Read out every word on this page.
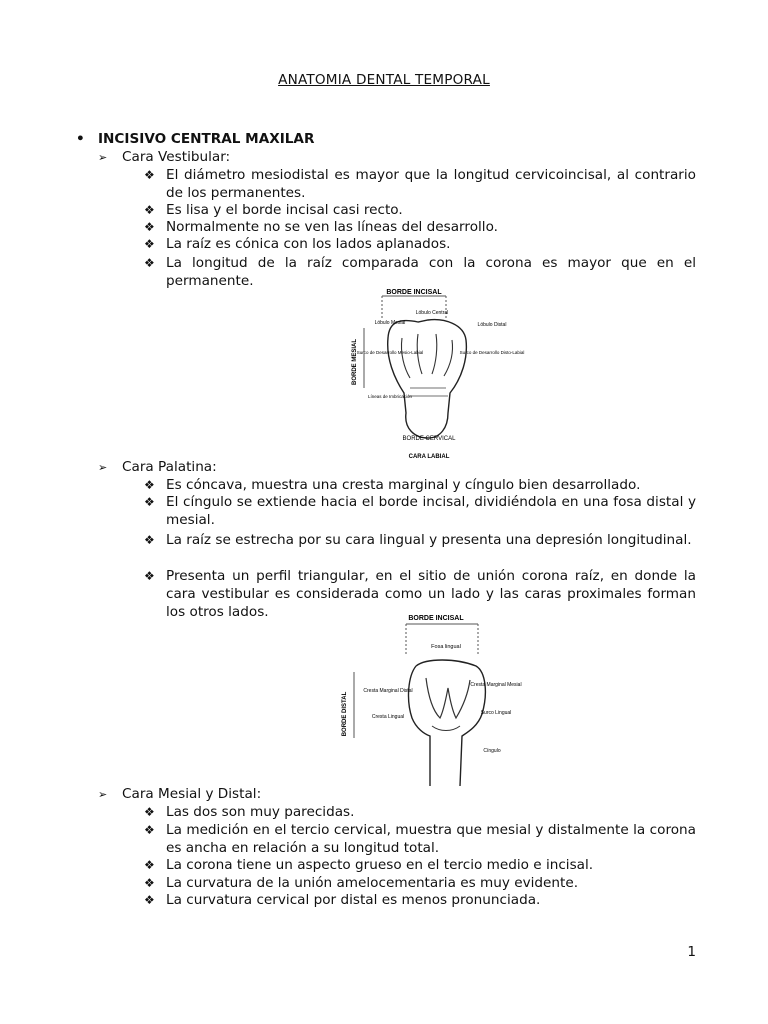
ANATOMIA DENTAL TEMPORAL
• INCISIVO CENTRAL MAXILAR
➢ Cara Vestibular:
❖ El diámetro mesiodistal es mayor que la longitud cervicoincisal, al contrario de los permanentes.
❖ Es lisa y el borde incisal casi recto.
❖ Normalmente no se ven las líneas del desarrollo.
❖ La raíz es cónica con los lados aplanados.
❖ La longitud de la raíz comparada con la corona es mayor que en el permanente.
BORDE INCISAL
Lóbulo Central
Lóbulo Mesial	Lóbulo Distal
Surco de Desarrollo Mesio-Labial	Surco de Desarrollo Disto-Labial
Líneas de Imbricación
BORDE MESIAL
BORDE CERVICAL
CARA LABIAL
➢ Cara Palatina:
❖ Es cóncava, muestra una cresta marginal y cíngulo bien desarrollado.
❖ El cíngulo se extiende hacia el borde incisal, dividiéndola en una fosa distal y mesial.
❖ La raíz se estrecha por su cara lingual y presenta una depresión longitudinal.
❖ Presenta un perfil triangular, en el sitio de unión corona raíz, en donde la cara vestibular es considerada como un lado y las caras proximales forman los otros lados.	BORDE INCISAL
Fosa lingual
Cresta Marginal Distal
Cresta Lingual
Cresta Marginal Mesial
Surco Lingual
Cíngulo
BORDE DISTAL
➢ Cara Mesial y Distal:
❖ Las dos son muy parecidas.
❖ La medición en el tercio cervical, muestra que mesial y distalmente la corona es ancha en relación a su longitud total.
❖ La corona tiene un aspecto grueso en el tercio medio e incisal.
❖ La curvatura de la unión amelocementaria es muy evidente.
❖ La curvatura cervical por distal es menos pronunciada.
1
